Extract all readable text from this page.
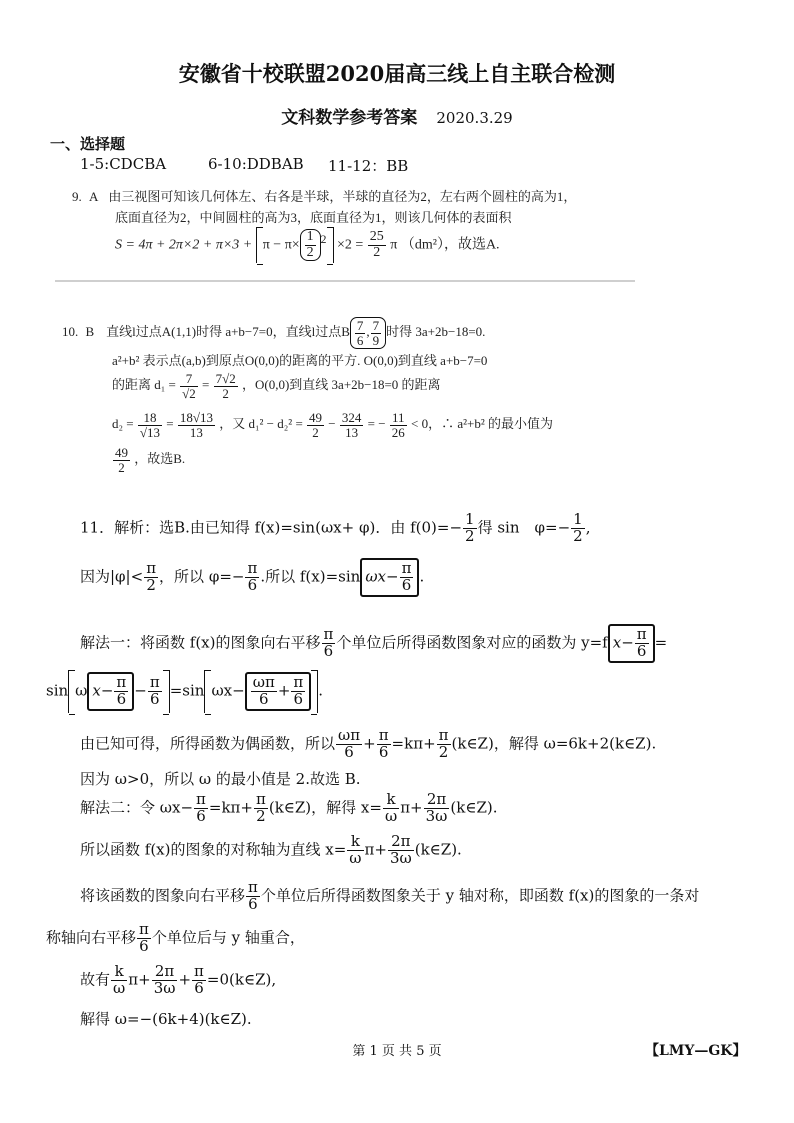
安徽省十校联盟2020届高三线上自主联合检测
文科数学参考答案 2020.3.29
一、选择题
1-5:CDCBA	6-10:DDBAB 11-12：BB
9. A 由三视图可知该几何体左、右各是半球，半球的直径为2，左右两个圆柱的高为1，
底面直径为2，中间圆柱的高为3，底面直径为1，则该几何体的表面积
$S = 4\pi + 2\pi\times 2 + \pi\times 3 + \pi - \pi\times \frac{1}{2} ^2 \times 2 = \frac{25}{2}$ π （dm²），故选A.
10. B 直线l过点A(1,1)时得 a+b−7=0，直线l过点B $\frac{7}{6}$ , $\frac{7}{9}$ 时得 3a+2b−18=0.
a²+b² 表示点(a,b)到原点O(0,0)的距离的平方. O(0,0)到直线 a+b−7=0
的距离 $d_1 = \frac{7}{√2} = \frac{7√2}{2}$ ，O(0,0)到直线 3a+2b−18=0 的距离
$d_2 = \frac{18}{√13} = \frac{18√13}{13}$ ，又 $d_1^2 - d_2^2 = \frac{49}{2} - \frac{324}{13}$ = − $\frac{11}{26} < 0$，∴ a²+b² 的最小值为
$\frac{49}{2}$ ，故选B.
11．解析：选B.由已知得 f(x)=sin(ωx+ φ)．由 $f(0)=- \frac{1}{2}$ 得 sin　$\varphi=- \frac{1}{2}$ ,
因为$|\varphi|< \frac{\pi}{2}$ ，所以 $\varphi=- \frac{\pi}{6}$ .所以 f(x)=sin $\omega x- \frac{\pi}{6}$ .
解法一：将函数 f(x)的图象向右平移 $\frac{\pi}{6}$ 个单位后所得函数图象对应的函数为 y=f $x- \frac{\pi}{6}$ =
sin ω $x- \frac{\pi}{6} - \frac{\pi}{6} =\sin$ $\omega x- \frac{\omega\pi}{6} + \frac{\pi}{6}$ .
由已知可得，所得函数为偶函数，所以 $\frac{\omega\pi}{6} + \frac{\pi}{6} =k\pi+ \frac{\pi}{2}$ (k∈Z)，解得 ω=6k+2(k∈Z).
因为 ω>0，所以 ω 的最小值是 2.故选 B.
解法二：令 $\omega x- \frac{\pi}{6} =k\pi+ \frac{\pi}{2}$ (k∈Z)，解得 $x= \frac{k}{\omega} \pi+ \frac{2\pi}{3\omega}$ (k∈Z).
所以函数 f(x)的图象的对称轴为直线 $x= \frac{k}{\omega} \pi+ \frac{2\pi}{3\omega}$ (k∈Z).
将该函数的图象向右平移 $\frac{\pi}{6}$ 个单位后所得函数图象关于 y 轴对称，即函数 f(x)的图象的一条对
称轴向右平移 $\frac{\pi}{6}$ 个单位后与 y 轴重合，
故有 $\frac{k}{\omega} \pi+ \frac{2\pi}{3\omega} + \frac{\pi}{6}$ =0(k∈Z),
解得 ω=−(6k+4)(k∈Z).
第 1 页 共 5 页	【LMY—GK】
